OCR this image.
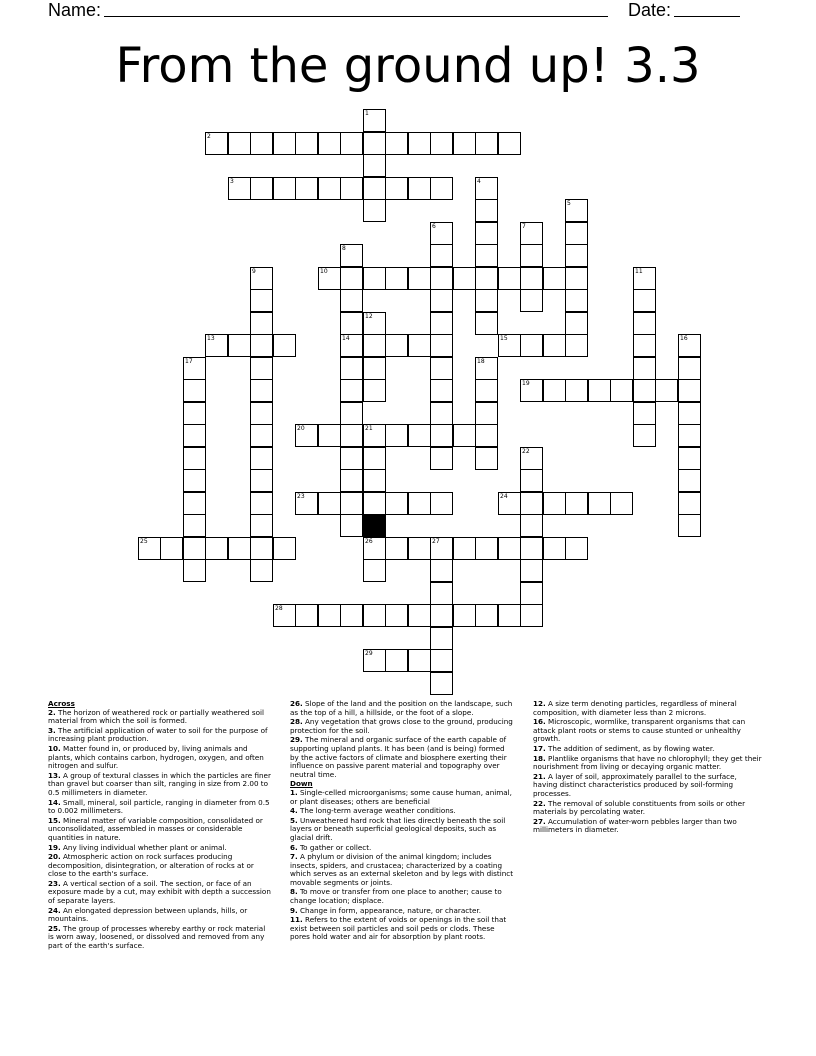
Name:	Date:
From the ground up! 3.3
1
2
3	4
5
6	7
8
14
9	10	11
12
13	15	16
17	18
19
20	21
26
22
23	24
25	27
28
29
Across
2. The horizon of weathered rock or partially weathered soil material from which the soil is formed.
3. The artificial application of water to soil for the purpose of increasing plant production.
10. Matter found in, or produced by, living animals and plants, which contains carbon, hydrogen, oxygen, and often nitrogen and sulfur.
13. A group of textural classes in which the particles are finer than gravel but coarser than silt, ranging in size from 2.00 to 0.5 millimeters in diameter.
14. Small, mineral, soil particle, ranging in diameter from 0.5 to 0.002 millimeters.
15. Mineral matter of variable composition, consolidated or unconsolidated, assembled in masses or considerable quantities in nature.
19. Any living individual whether plant or animal.
20. Atmospheric action on rock surfaces producing decomposition, disintegration, or alteration of rocks at or close to the earth's surface.
23. A vertical section of a soil. The section, or face of an exposure made by a cut, may exhibit with depth a succession of separate layers.
24. An elongated depression between uplands, hills, or mountains.
25. The group of processes whereby earthy or rock material is worn away, loosened, or dissolved and removed from any part of the earth's surface.
26. Slope of the land and the position on the landscape, such as the top of a hill, a hillside, or the foot of a slope.
28. Any vegetation that grows close to the ground, producing protection for the soil.
29. The mineral and organic surface of the earth capable of supporting upland plants. It has been (and is being) formed by the active factors of climate and biosphere exerting their influence on passive parent material and topography over neutral time.
Down
1. Single-celled microorganisms; some cause human, animal, or plant diseases; others are beneficial
4. The long-term average weather conditions.
5. Unweathered hard rock that lies directly beneath the soil layers or beneath superficial geological deposits, such as glacial drift.
6. To gather or collect.
7. A phylum or division of the animal kingdom; includes insects, spiders, and crustacea; characterized by a coating which serves as an external skeleton and by legs with distinct movable segments or joints.
8. To move or transfer from one place to another; cause to change location; displace.
9. Change in form, appearance, nature, or character.
11. Refers to the extent of voids or openings in the soil that exist between soil particles and soil peds or clods. These pores hold water and air for absorption by plant roots.
12. A size term denoting particles, regardless of mineral composition, with diameter less than 2 microns.
16. Microscopic, wormlike, transparent organisms that can attack plant roots or stems to cause stunted or unhealthy growth.
17. The addition of sediment, as by flowing water.
18. Plantlike organisms that have no chlorophyll; they get their nourishment from living or decaying organic matter.
21. A layer of soil, approximately parallel to the surface, having distinct characteristics produced by soil-forming processes.
22. The removal of soluble constituents from soils or other materials by percolating water.
27. Accumulation of water-worn pebbles larger than two millimeters in diameter.
